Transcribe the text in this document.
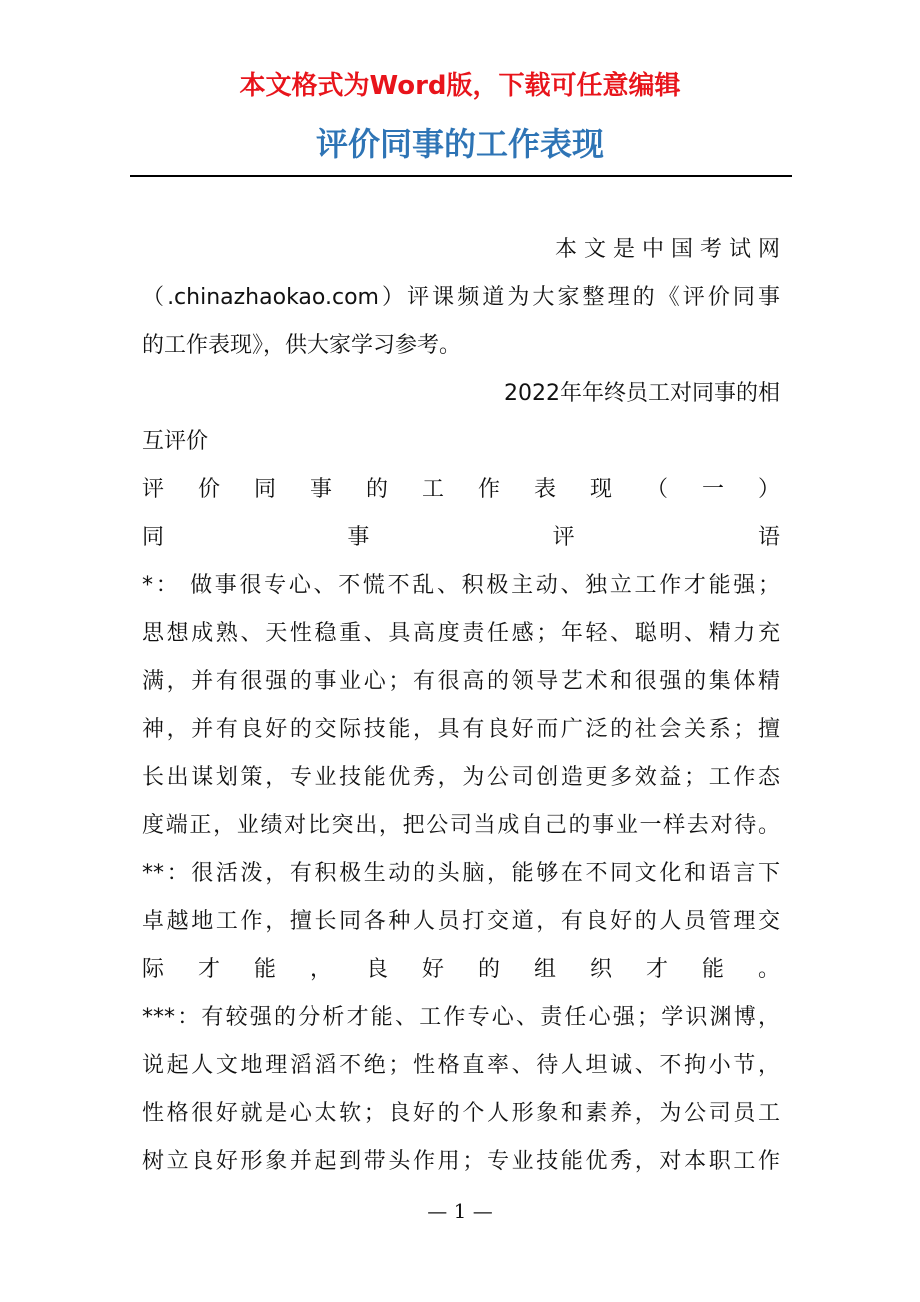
本文格式为Word版，下载可任意编辑
评价同事的工作表现
本 文 是 中 国 考 试 网
（.chinazhaokao.com）评课频道为大家整理的《评价同事
的工作表现》，供大家学习参考。
2022年年终员工对同事的相
互评价
评 价 同 事 的 工 作 表 现 （ 一 ）
同 事 评 语
*： 做事很专心、不慌不乱、积极主动、独立工作才能强；
思想成熟、天性稳重、具高度责任感；年轻、聪明、精力充
满，并有很强的事业心；有很高的领导艺术和很强的集体精
神，并有良好的交际技能，具有良好而广泛的社会关系；擅
长出谋划策，专业技能优秀，为公司创造更多效益；工作态
度端正，业绩对比突出，把公司当成自己的事业一样去对待。
**：很活泼，有积极生动的头脑，能够在不同文化和语言下
卓越地工作，擅长同各种人员打交道，有良好的人员管理交
际 才 能 ， 良 好 的 组 织 才 能 。
***：有较强的分析才能、工作专心、责任心强；学识渊博，
说起人文地理滔滔不绝；性格直率、待人坦诚、不拘小节，
性格很好就是心太软；良好的个人形象和素养，为公司员工
树立良好形象并起到带头作用；专业技能优秀，对本职工作
— 1 —
